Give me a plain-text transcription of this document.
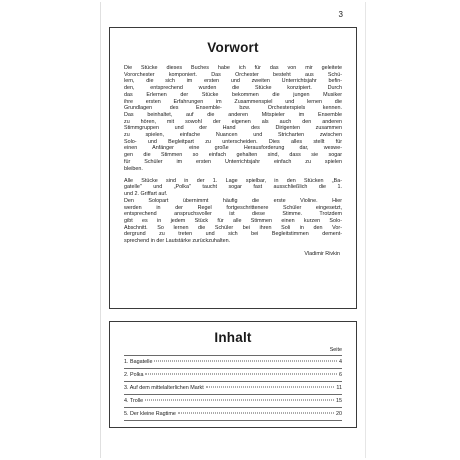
3
Vorwort

Die Stücke dieses Buches habe ich für das von mir geleitete
Vororchester komponiert. Das Orchester besteht aus Schü-
lern, die sich im ersten und zweiten Unterrichtsjahr befin-
den, entsprechend wurden die Stücke konzipiert. Durch
das Erlernen der Stücke bekommen die jungen Musiker
ihre ersten Erfahrungen im Zusammenspiel und lernen die
Grundlagen des Ensemble- bzw. Orchesterspiels kennen.
Das beinhaltet, auf die anderen Mitspieler im Ensemble
zu hören, mit sowohl der eigenen als auch den anderen
Stimmgruppen und der Hand des Dirigenten zusammen
zu spielen, einfache Nuancen und Stricharten zwischen
Solo- und Begleitpart zu unterscheiden. Dies alles stellt für
einen Anfänger eine große Herausforderung dar, weswe-
gen die Stimmen so einfach gehalten sind, dass sie sogar
für Schüler im ersten Unterrichtsjahr einfach zu spielen
bleiben.

Alle Stücke sind in der 1. Lage spielbar, in den Stücken „Ba-
gatelle" und „Polka" taucht sogar fast ausschließlich die 1.
und 2. Griffart auf.
Den Solopart übernimmt häufig die erste Violine. Hier
werden in der Regel fortgeschrittenere Schüler eingesetzt,
entsprechend anspruchsvoller ist diese Stimme. Trotzdem
gibt es in jedem Stück für alle Stimmen einen kurzen Solo-
Abschnitt. So lernen die Schüler bei ihren Soli in den Vor-
dergrund zu treten und sich bei Begleitstimmen dement-
sprechend in der Lautstärke zurückzuhalten.

Vladimir Rivkin
Inhalt
Seite
1. Bagatelle	4
2. Polka	6
3. Auf dem mittelalterlichen Markt	11
4. Trolle	15
5. Der kleine Ragtime	20
